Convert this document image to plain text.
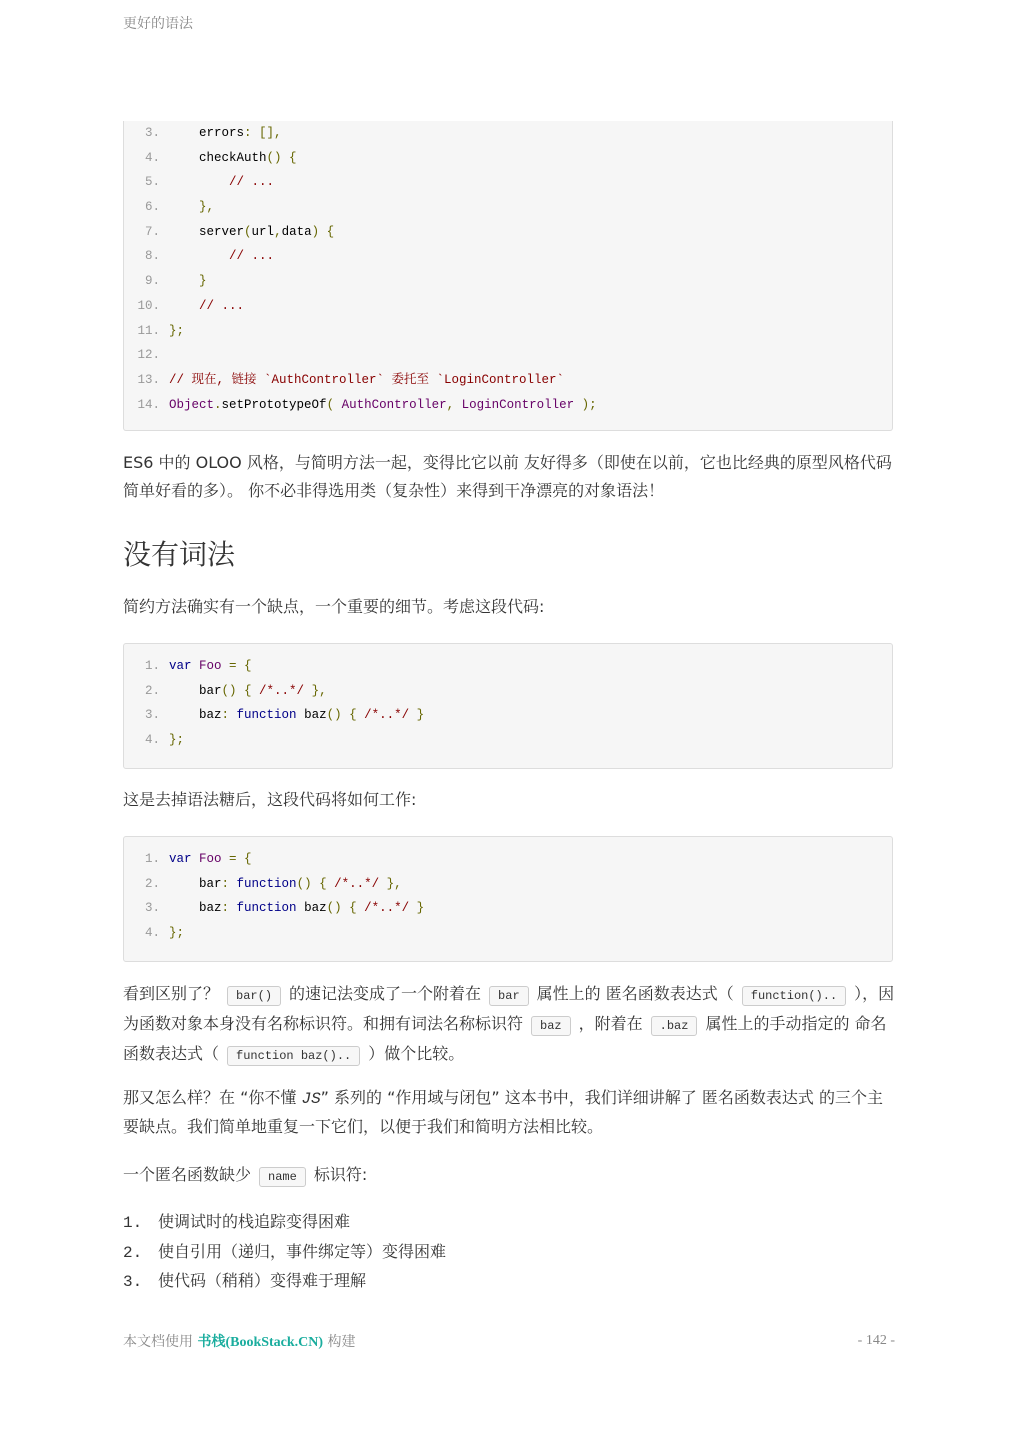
更好的语法
3.	errors: [],
4.	checkAuth() {
5.	// ...
6.	},
7.	server(url,data) {
8.	// ...
9.	}
10.	// ...
11. };
12.
13. // 现在, 链接 `AuthController` 委托至 `LoginController`
14. Object.setPrototypeOf( AuthController, LoginController );
ES6 中的 OLOO 风格，与简明方法一起，变得比它以前 友好得多（即使在以前，它也比经典的原型风格代码简单好看的多）。 你不必非得选用类（复杂性）来得到干净漂亮的对象语法！
没有词法
简约方法确实有一个缺点，一个重要的细节。考虑这段代码:
1. var Foo = {
2.	bar() { /*..*/ },
3.	baz: function baz() { /*..*/ }
4. };
这是去掉语法糖后，这段代码将如何工作:
1. var Foo = {
2.	bar: function() { /*..*/ },
3.	baz: function baz() { /*..*/ }
4. };
看到区别了？ bar() 的速记法变成了一个附着在 bar 属性上的 匿名函数表达式（ function().. ），因为函数对象本身没有名称标识符。和拥有词法名称标识符 baz ，附着在 .baz 属性上的手动指定的 命名函数表达式（ function baz().. ）做个比较。
那又怎么样？在 “你不懂 JS” 系列的 “作用域与闭包” 这本书中，我们详细讲解了 匿名函数表达式 的三个主要缺点。我们简单地重复一下它们，以便于我们和简明方法相比较。
一个匿名函数缺少 name 标识符:
1. 使调试时的栈追踪变得困难
2. 使自引用（递归，事件绑定等）变得困难
3. 使代码（稍稍）变得难于理解
本文档使用 书栈(BookStack.CN) 构建	- 142 -
